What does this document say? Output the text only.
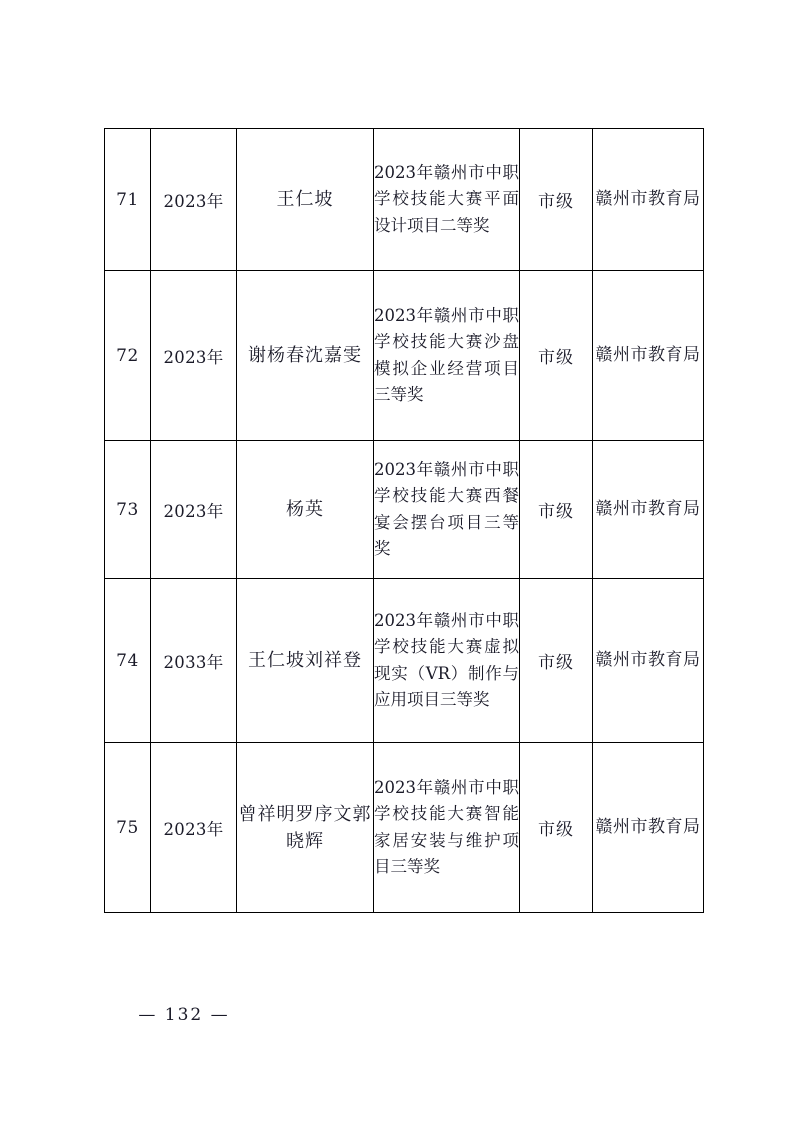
71	2023年	王仁坡	2023年赣州市中职学校技能大赛平面设计项目二等奖	市级	赣州市教育局
72	2023年	谢杨春沈嘉雯	2023年赣州市中职学校技能大赛沙盘模拟企业经营项目三等奖	市级	赣州市教育局
73	2023年	杨英	2023年赣州市中职学校技能大赛西餐宴会摆台项目三等奖	市级	赣州市教育局
74	2033年	王仁坡刘祥登	2023年赣州市中职学校技能大赛虚拟现实（VR）制作与应用项目三等奖	市级	赣州市教育局
75	2023年	曾祥明罗序文郭晓辉	2023年赣州市中职学校技能大赛智能家居安装与维护项目三等奖	市级	赣州市教育局
— 132 —
